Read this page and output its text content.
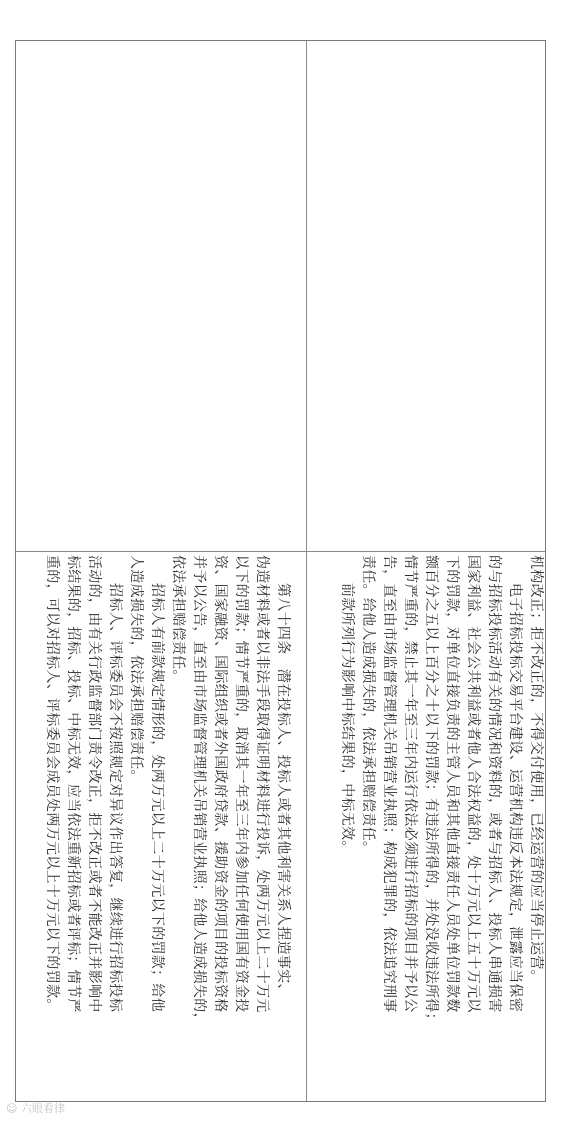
机构改正；拒不改正的，不得交付使用，已经运营的应当停止运营。

电子招标投标交易平台建设、运营机构违反本法规定，泄露应当保密

的与招标投标活动有关的情况和资料的，或者与招标人、投标人串通损害

国家利益、社会公共利益或者他人合法权益的，处十万元以上五十万元以

下的罚款，对单位直接负责的主管人员和其他直接责任人员处单位罚款数

额百分之五以上百分之十以下的罚款；有违法所得的，并处没收违法所得；

情节严重的，禁止其一年至三年内运行依法必须进行招标的项目并予以公

告，直至由市场监督管理机关吊销营业执照；构成犯罪的，依法追究刑事

责任。给他人造成损失的，依法承担赔偿责任。

前款所列行为影响中标结果的，中标无效。

第八十四条　潜在投标人、投标人或者其他利害关系人捏造事实、

伪造材料或者以非法手段取得证明材料进行投诉，处两万元以上二十万元

以下的罚款；情节严重的，取消其一年至三年内参加任何使用国有资金投

资、国家融资、国际组织或者外国政府贷款、援助资金的项目的投标资格

并予以公告，直至由市场监督管理机关吊销营业执照；给他人造成损失的，

依法承担赔偿责任。

招标人有前款规定情形的，处两万元以上二十万元以下的罚款；给他

人造成损失的，依法承担赔偿责任。

招标人、评标委员会不按照规定对异议作出答复，继续进行招标投标

活动的，由有关行政监督部门责令改正，拒不改正或者不能改正并影响中

标结果的，招标、投标、中标无效，应当依法重新招标或者评标；情节严

重的，可以对招标人、评标委员会成员处两万元以上十万元以下的罚款。

☺ 六眼看律
